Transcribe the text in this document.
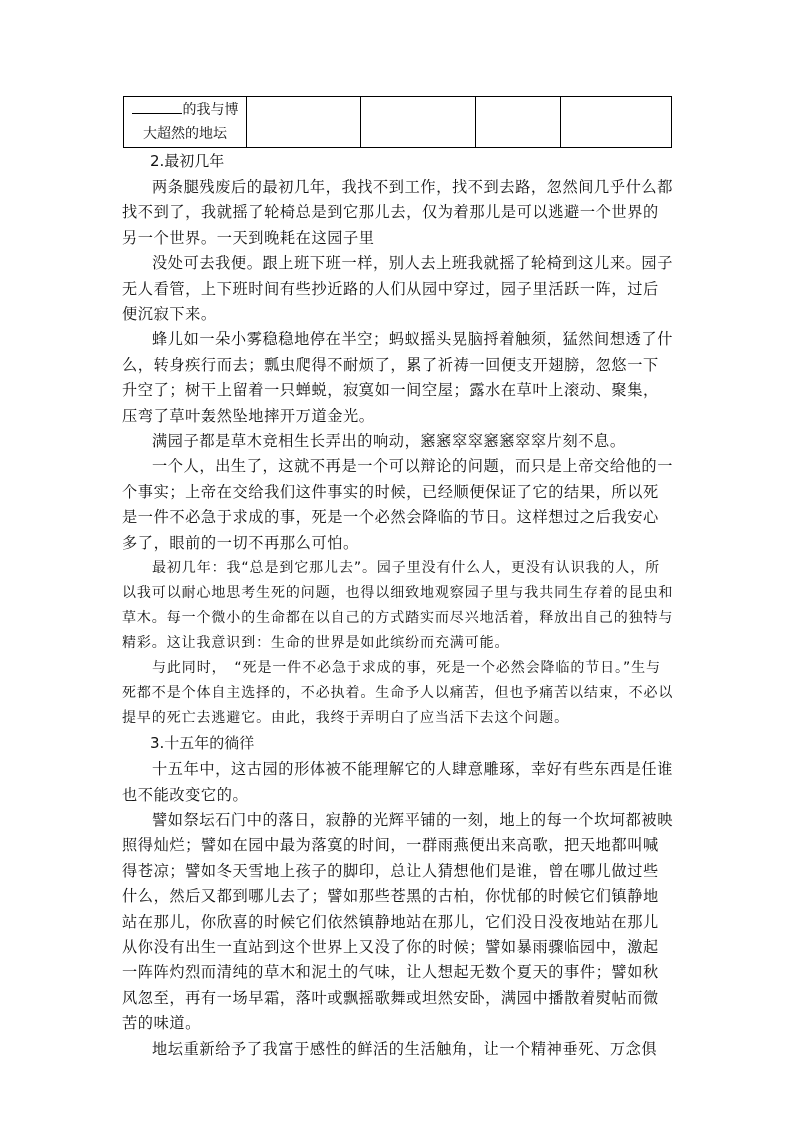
的我与博
大超然的地坛

2.最初几年

两条腿残废后的最初几年，我找不到工作，找不到去路，忽然间几乎什么都找不到了，我就摇了轮椅总是到它那儿去，仅为着那儿是可以逃避一个世界的另一个世界。一天到晚耗在这园子里

没处可去我便。跟上班下班一样，别人去上班我就摇了轮椅到这儿来。园子无人看管，上下班时间有些抄近路的人们从园中穿过，园子里活跃一阵，过后便沉寂下来。

蜂儿如一朵小雾稳稳地停在半空；蚂蚁摇头晃脑捋着触须，猛然间想透了什么，转身疾行而去；瓢虫爬得不耐烦了，累了祈祷一回便支开翅膀，忽悠一下升空了；树干上留着一只蝉蜕，寂寞如一间空屋；露水在草叶上滚动、聚集，压弯了草叶轰然坠地摔开万道金光。

满园子都是草木竞相生长弄出的响动，窸窸窣窣窸窸窣窣片刻不息。

一个人，出生了，这就不再是一个可以辩论的问题，而只是上帝交给他的一个事实；上帝在交给我们这件事实的时候，已经顺便保证了它的结果，所以死是一件不必急于求成的事，死是一个必然会降临的节日。这样想过之后我安心多了，眼前的一切不再那么可怕。

最初几年：我“总是到它那儿去”。园子里没有什么人，更没有认识我的人，所以我可以耐心地思考生死的问题，也得以细致地观察园子里与我共同生存着的昆虫和草木。每一个微小的生命都在以自己的方式踏实而尽兴地活着，释放出自己的独特与精彩。这让我意识到：生命的世界是如此缤纷而充满可能。

与此同时，　“死是一件不必急于求成的事，死是一个必然会降临的节日。”生与死都不是个体自主选择的，不必执着。生命予人以痛苦，但也予痛苦以结束，不必以提早的死亡去逃避它。由此，我终于弄明白了应当活下去这个问题。

3.十五年的徜徉

十五年中，这古园的形体被不能理解它的人肆意雕琢，幸好有些东西是任谁也不能改变它的。

譬如祭坛石门中的落日，寂静的光辉平铺的一刻，地上的每一个坎坷都被映照得灿烂；譬如在园中最为落寞的时间，一群雨燕便出来高歌，把天地都叫喊得苍凉；譬如冬天雪地上孩子的脚印，总让人猜想他们是谁，曾在哪儿做过些什么，然后又都到哪儿去了；譬如那些苍黑的古柏，你忧郁的时候它们镇静地站在那儿，你欣喜的时候它们依然镇静地站在那儿，它们没日没夜地站在那儿从你没有出生一直站到这个世界上又没了你的时候；譬如暴雨骤临园中，激起一阵阵灼烈而清纯的草木和泥土的气味，让人想起无数个夏天的事件；譬如秋风忽至，再有一场早霜，落叶或飘摇歌舞或坦然安卧，满园中播散着熨帖而微苦的味道。

地坛重新给予了我富于感性的鲜活的生活触角，让一个精神垂死、万念俱
